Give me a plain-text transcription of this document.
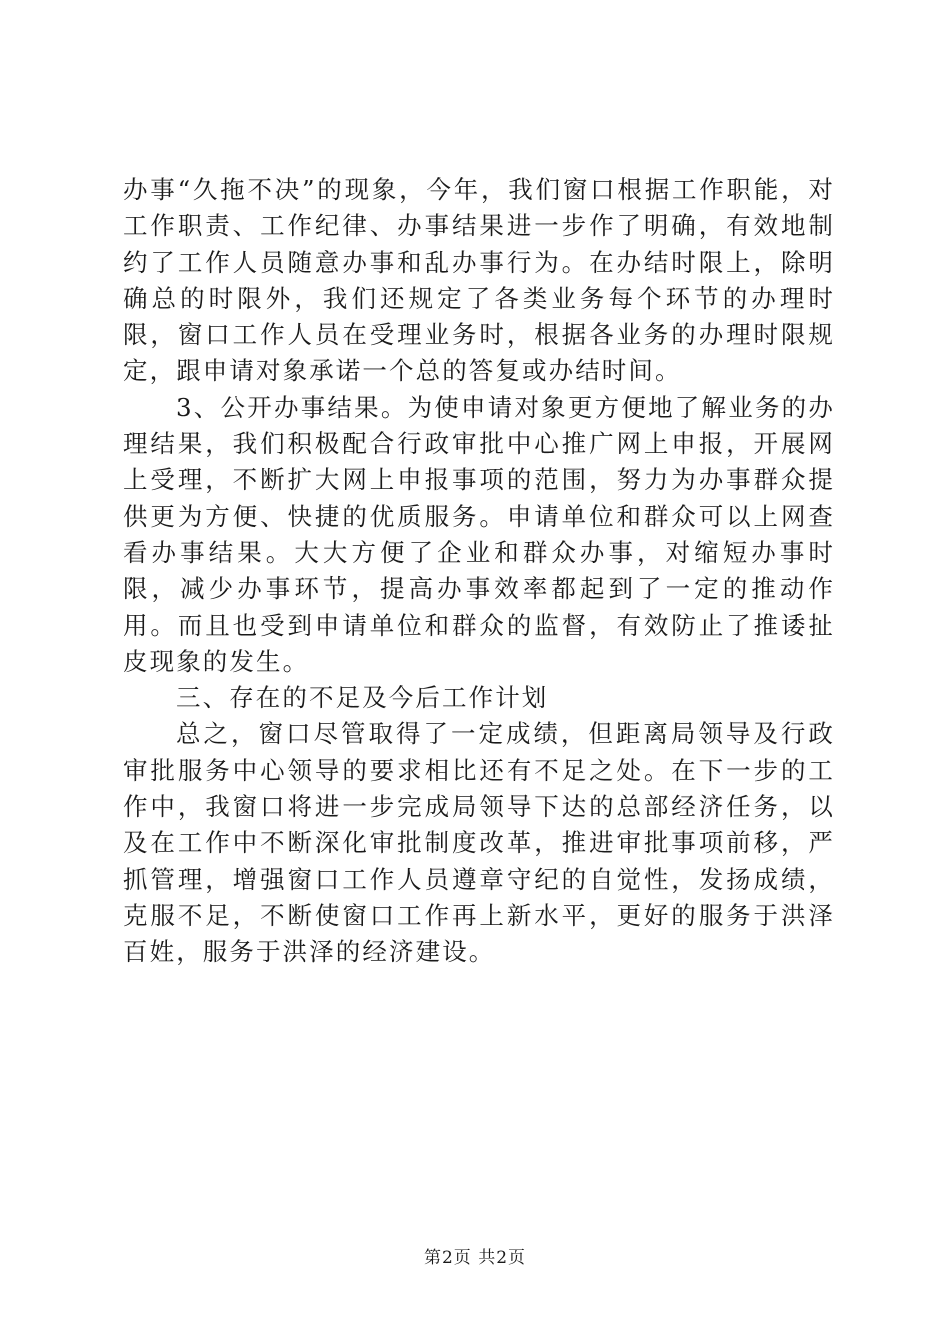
办事“久拖不决”的现象，今年，我们窗口根据工作职能，对工作职责、工作纪律、办事结果进一步作了明确，有效地制约了工作人员随意办事和乱办事行为。在办结时限上，除明确总的时限外，我们还规定了各类业务每个环节的办理时限，窗口工作人员在受理业务时，根据各业务的办理时限规定，跟申请对象承诺一个总的答复或办结时间。

3、公开办事结果。为使申请对象更方便地了解业务的办理结果，我们积极配合行政审批中心推广网上申报，开展网上受理，不断扩大网上申报事项的范围，努力为办事群众提供更为方便、快捷的优质服务。申请单位和群众可以上网查看办事结果。大大方便了企业和群众办事，对缩短办事时限，减少办事环节，提高办事效率都起到了一定的推动作用。而且也受到申请单位和群众的监督，有效防止了推诿扯皮现象的发生。

三、存在的不足及今后工作计划

总之，窗口尽管取得了一定成绩，但距离局领导及行政审批服务中心领导的要求相比还有不足之处。在下一步的工作中，我窗口将进一步完成局领导下达的总部经济任务，以及在工作中不断深化审批制度改革，推进审批事项前移，严抓管理，增强窗口工作人员遵章守纪的自觉性，发扬成绩，克服不足，不断使窗口工作再上新水平，更好的服务于洪泽百姓，服务于洪泽的经济建设。

第2页 共2页
